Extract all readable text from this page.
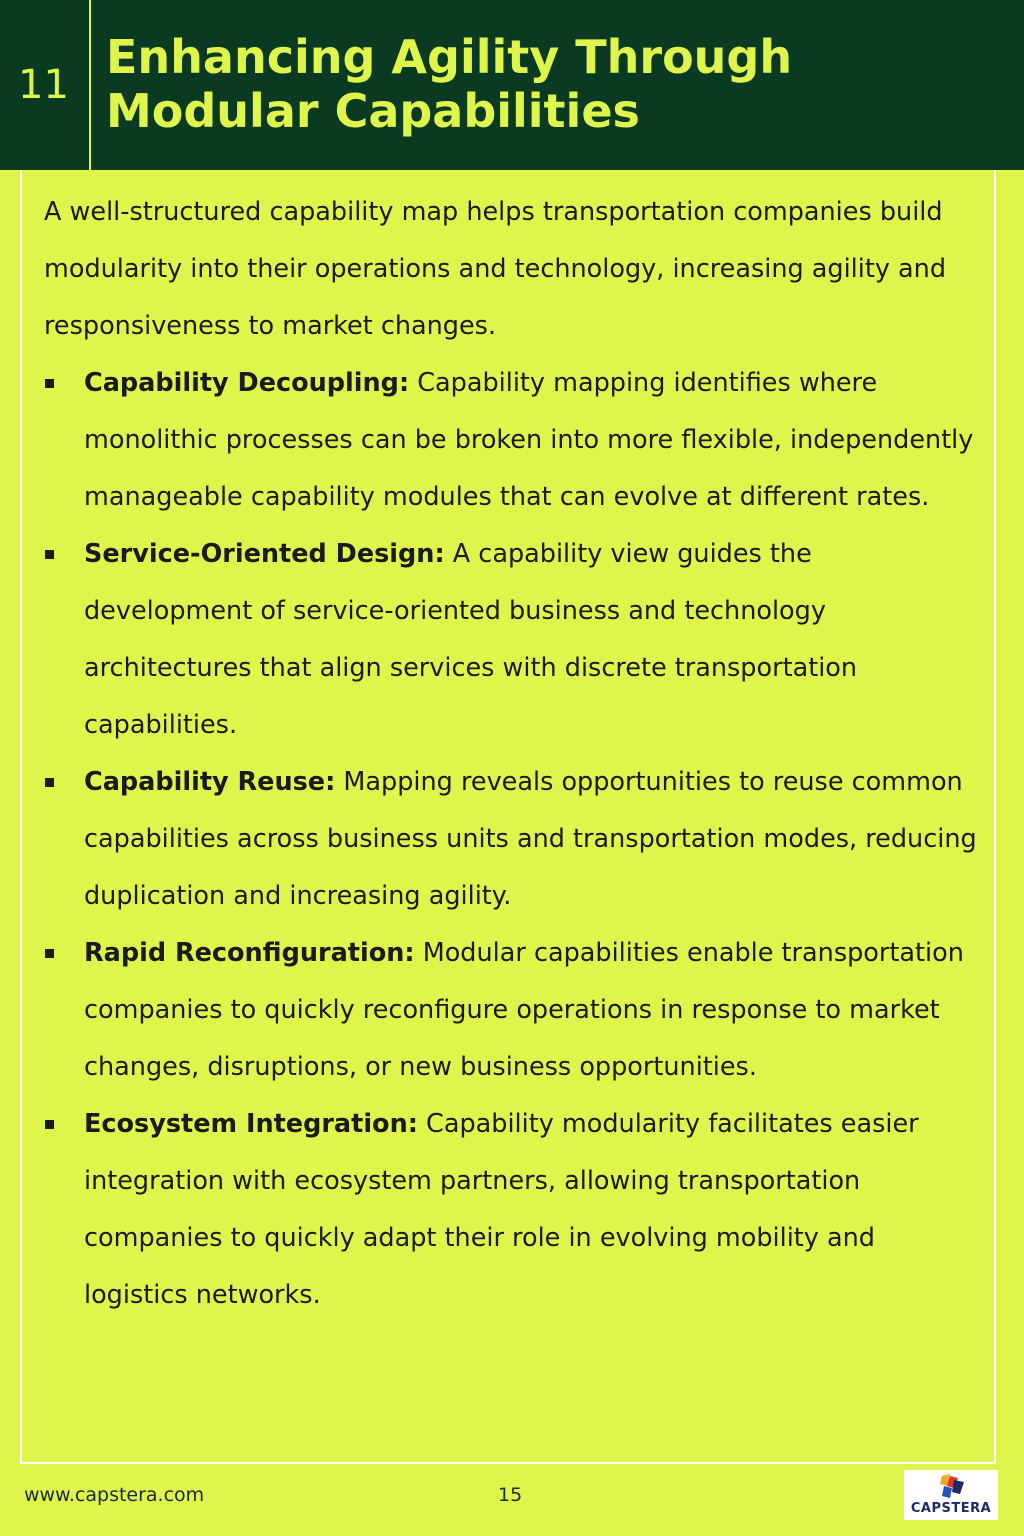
11
Enhancing Agility Through Modular Capabilities

A well-structured capability map helps transportation companies build modularity into their operations and technology, increasing agility and responsiveness to market changes.

Capability Decoupling: Capability mapping identifies where monolithic processes can be broken into more flexible, independently manageable capability modules that can evolve at different rates.
Service-Oriented Design: A capability view guides the development of service-oriented business and technology architectures that align services with discrete transportation capabilities.
Capability Reuse: Mapping reveals opportunities to reuse common capabilities across business units and transportation modes, reducing duplication and increasing agility.
Rapid Reconfiguration: Modular capabilities enable transportation companies to quickly reconfigure operations in response to market changes, disruptions, or new business opportunities.
Ecosystem Integration: Capability modularity facilitates easier integration with ecosystem partners, allowing transportation companies to quickly adapt their role in evolving mobility and logistics networks.
www.capstera.com	15
CAPSTERA
